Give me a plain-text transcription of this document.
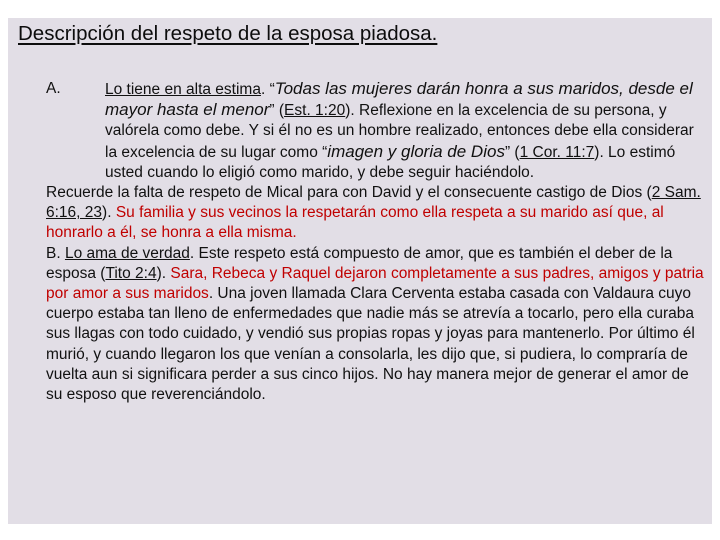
Descripción del respeto de la esposa piadosa.

A.	Lo tiene en alta estima. “Todas las mujeres darán honra a sus maridos, desde el mayor hasta el menor” (Est. 1:20). Reflexione en la excelencia de su persona, y valórela como debe. Y si él no es un hombre realizado, entonces debe ella considerar la excelencia de su lugar como “imagen y gloria de Dios” (1 Cor. 11:7). Lo estimó usted cuando lo eligió como marido, y debe seguir haciéndolo.

Recuerde la falta de respeto de Mical para con David y el consecuente castigo de Dios (2 Sam. 6:16, 23). Su familia y sus vecinos la respetarán como ella respeta a su marido así que, al honrarlo a él, se honra a ella misma.

B. Lo ama de verdad. Este respeto está compuesto de amor, que es también el deber de la esposa (Tito 2:4). Sara, Rebeca y Raquel dejaron completamente a sus padres, amigos y patria por amor a sus maridos. Una joven llamada Clara Cerventa estaba casada con Valdaura cuyo cuerpo estaba tan lleno de enfermedades que nadie más se atrevía a tocarlo, pero ella curaba sus llagas con todo cuidado, y vendió sus propias ropas y joyas para mantenerlo. Por último él murió, y cuando llegaron los que venían a consolarla, les dijo que, si pudiera, lo compraría de vuelta aun si significara perder a sus cinco hijos. No hay manera mejor de generar el amor de su esposo que reverenciándolo.
